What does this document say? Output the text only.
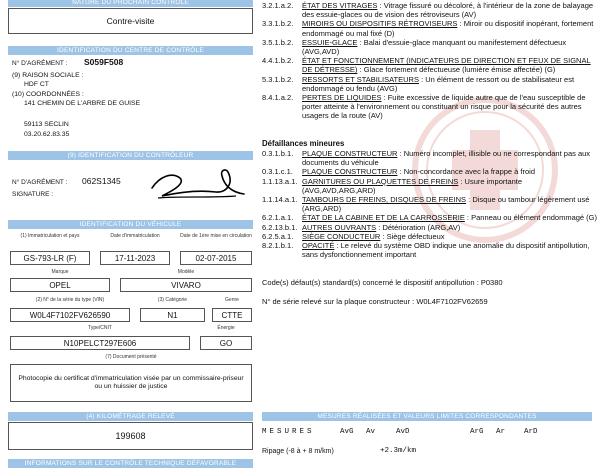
NATURE DU PROCHAIN CONTRÔLE
Contre-visite
IDENTIFICATION DU CENTRE DE CONTRÔLE
N° D'AGRÉMENT : S059F508
(9) RAISON SOCIALE :
HDF CT
(10) COORDONNÉES :
141 CHEMIN DE L'ARBRE DE GUISE
59113 SECLIN
03.20.62.83.35
(9) IDENTIFICATION DU CONTRÔLEUR
N° D'AGRÉMENT : 062S1345
SIGNATURE :
IDENTIFICATION DU VÉHICULE
(1) Immatriculation et pays	Date d'immatriculation	Date de 1ère mise en circulation
GS-793-LR (F)	17-11-2023	02-07-2015
Marque	Modèle
OPEL	VIVARO
(2) N° de la série du type (VIN)	(3) Catégorie	Genre
W0L4F7102FV626590	N1	CTTE
Type/CNIT	Énergie
N10PELCT297E606	GO
(7) Document présenté
Photocopie du certificat d'immatriculation visée par un commissaire-priseur ou un huissier de justice
(4) KILOMÉTRAGE RELEVÉ
199608
INFORMATIONS SUR LE CONTRÔLE TECHNIQUE DÉFAVORABLE
3.2.1.a.2.	ÉTAT DES VITRAGES : Vitrage fissuré ou décoloré, à l'intérieur de la zone de balayage des essuie-glaces ou de vision des rétroviseurs (AV)
3.3.1.b.2.	MIROIRS OU DISPOSITIFS RÉTROVISEURS : Miroir ou dispositif inopérant, fortement endommagé ou mal fixé (D)
3.5.1.b.2.	ESSUIE-GLACE : Balai d'essuie-glace manquant ou manifestement défectueux (AVG,AVD)
4.4.1.b.2.	ÉTAT ET FONCTIONNEMENT (INDICATEURS DE DIRECTION ET FEUX DE SIGNAL DE DÉTRESSE) : Glace fortement défectueuse (lumière émise affectée) (G)
5.3.1.b.2.	RESSORTS ET STABILISATEURS : Un élément de ressort ou de stabilisateur est endommagé ou fendu (AVG)
8.4.1.a.2.	PERTES DE LIQUIDES : Fuite excessive de liquide autre que de l'eau susceptible de porter atteinte à l'environnement ou constituant un risque pour la sécurité des autres usagers de la route (AV)
Défaillances mineures
0.3.1.b.1.	PLAQUE CONSTRUCTEUR : Numéro incomplet, illisible ou ne correspondant pas aux documents du véhicule
0.3.1.c.1.	PLAQUE CONSTRUCTEUR : Non-concordance avec la frappe à froid
1.1.13.a.1. GARNITURES OU PLAQUETTES DE FREINS : Usure importante (AVG,AVD,ARG,ARD)
1.1.14.a.1. TAMBOURS DE FREINS, DISQUES DE FREINS : Disque ou tambour légèrement usé (ARG,ARD)
6.2.1.a.1.	ÉTAT DE LA CABINE ET DE LA CARROSSERIE : Panneau ou élément endommagé (G)
6.2.13.b.1. AUTRES OUVRANTS : Détérioration (ARG,AV)
6.2.5.a.1.	SIÈGE CONDUCTEUR : Siège défectueux
8.2.1.b.1.	OPACITÉ : Le relevé du système OBD indique une anomalie du dispositif antipollution, sans dysfonctionnement important
Code(s) défaut(s) standard(s) concerné le dispositif antipollution : P0380
N° de série relevé sur la plaque constructeur : W0L4F7102FV62659
MESURES RÉALISÉES ET VALEURS LIMITES CORRESPONDANTES
MESURES	AvG Av	AvD	ArG Ar	ArD
Ripage (-8 à + 8 m/km)	+2.3m/km
